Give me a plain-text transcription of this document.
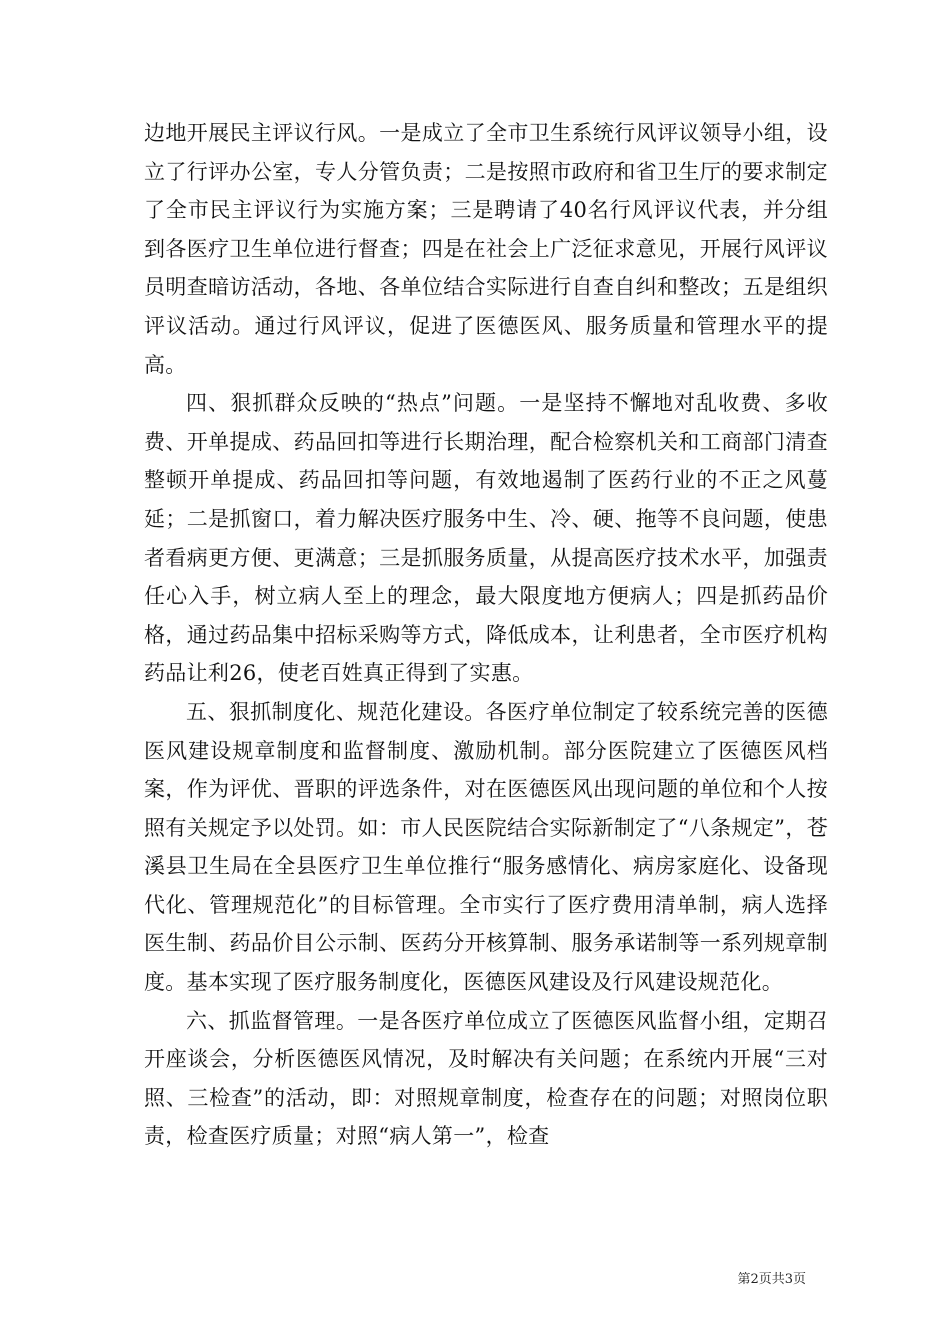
边地开展民主评议行风。一是成立了全市卫生系统行风评议领导小组，设立了行评办公室，专人分管负责；二是按照市政府和省卫生厅的要求制定了全市民主评议行为实施方案；三是聘请了40名行风评议代表，并分组到各医疗卫生单位进行督查；四是在社会上广泛征求意见，开展行风评议员明查暗访活动，各地、各单位结合实际进行自查自纠和整改；五是组织评议活动。通过行风评议，促进了医德医风、服务质量和管理水平的提高。

四、狠抓群众反映的“热点”问题。一是坚持不懈地对乱收费、多收费、开单提成、药品回扣等进行长期治理，配合检察机关和工商部门清查整顿开单提成、药品回扣等问题，有效地遏制了医药行业的不正之风蔓延；二是抓窗口，着力解决医疗服务中生、冷、硬、拖等不良问题，使患者看病更方便、更满意；三是抓服务质量，从提高医疗技术水平，加强责任心入手，树立病人至上的理念，最大限度地方便病人；四是抓药品价格，通过药品集中招标采购等方式，降低成本，让利患者，全市医疗机构药品让利26，使老百姓真正得到了实惠。

五、狠抓制度化、规范化建设。各医疗单位制定了较系统完善的医德医风建设规章制度和监督制度、激励机制。部分医院建立了医德医风档案，作为评优、晋职的评选条件，对在医德医风出现问题的单位和个人按照有关规定予以处罚。如：市人民医院结合实际新制定了“八条规定”，苍溪县卫生局在全县医疗卫生单位推行“服务感情化、病房家庭化、设备现代化、管理规范化”的目标管理。全市实行了医疗费用清单制，病人选择医生制、药品价目公示制、医药分开核算制、服务承诺制等一系列规章制度。基本实现了医疗服务制度化，医德医风建设及行风建设规范化。

六、抓监督管理。一是各医疗单位成立了医德医风监督小组，定期召开座谈会，分析医德医风情况，及时解决有关问题；在系统内开展“三对照、三检查”的活动，即：对照规章制度，检查存在的问题；对照岗位职责，检查医疗质量；对照“病人第一”，检查

第2页共3页
